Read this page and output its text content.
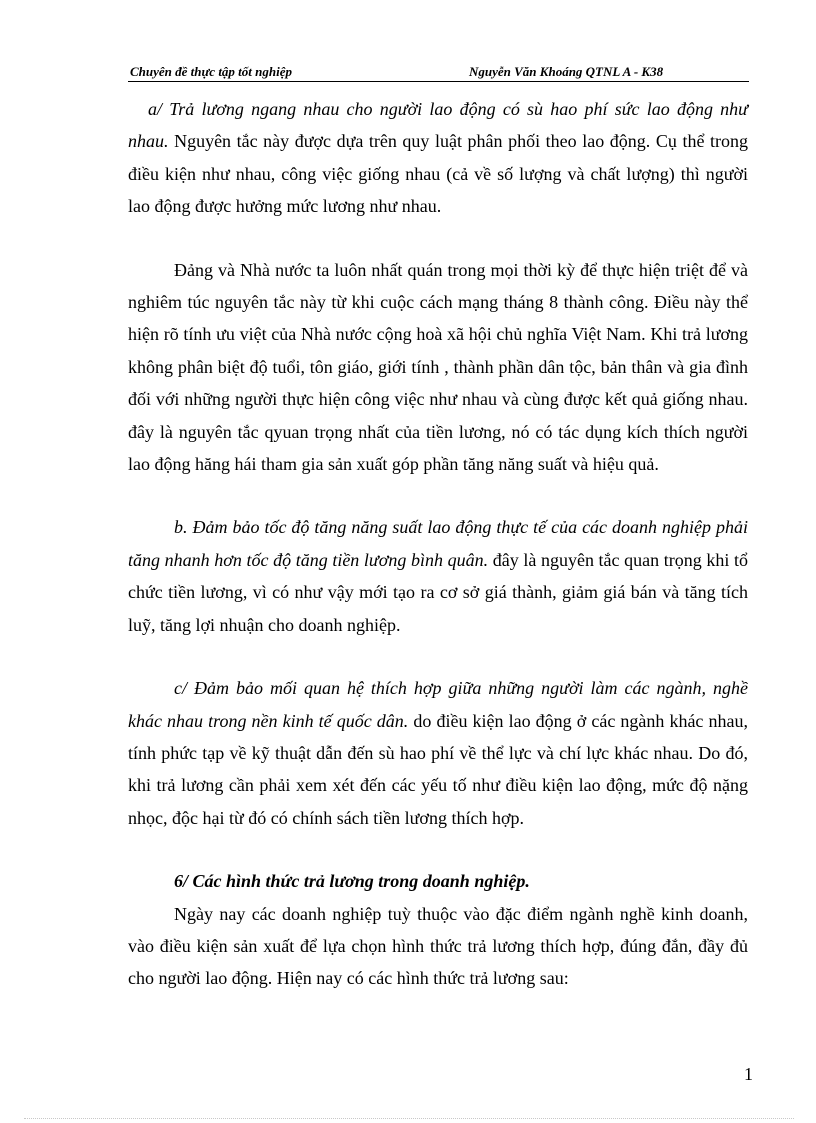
Chuyên đề thực tập tốt nghiệp	Nguyễn Văn Khoáng QTNL A - K38

a/ Trả lương ngang nhau cho người lao động có sù hao phí sức lao động như nhau. Nguyên tắc này được dựa trên quy luật phân phối theo lao động. Cụ thể trong điều kiện như nhau, công việc giống nhau (cả về số lượng và chất lượng) thì người lao động được hưởng mức lương như nhau.

Đảng và Nhà nước ta luôn nhất quán trong mọi thời kỳ để thực hiện triệt để và nghiêm túc nguyên tắc này từ khi cuộc cách mạng tháng 8 thành công. Điều này thể hiện rõ tính ưu việt của Nhà nước cộng hoà xã hội chủ nghĩa Việt Nam. Khi trả lương không phân biệt độ tuổi, tôn giáo, giới tính , thành phần dân tộc, bản thân và gia đình đối với những người thực hiện công việc như nhau và cùng được kết quả giống nhau. đây là nguyên tắc qyuan trọng nhất của tiền lương, nó có tác dụng kích thích người lao động hăng hái tham gia sản xuất góp phần tăng năng suất và hiệu quả.

b. Đảm bảo tốc độ tăng năng suất lao động thực tế của các doanh nghiệp phải tăng nhanh hơn tốc độ tăng tiền lương bình quân. đây là nguyên tắc quan trọng khi tổ chức tiền lương, vì có như vậy mới tạo ra cơ sở giá thành, giảm giá bán và tăng tích luỹ, tăng lợi nhuận cho doanh nghiệp.

c/ Đảm bảo mối quan hệ thích hợp giữa những người làm các ngành, nghề khác nhau trong nền kinh tế quốc dân. do điều kiện lao động ở các ngành khác nhau, tính phức tạp về kỹ thuật dẫn đến sù hao phí về thể lực và chí lực khác nhau. Do đó, khi trả lương cần phải xem xét đến các yếu tố như điều kiện lao động, mức độ nặng nhọc, độc hại từ đó có chính sách tiền lương thích hợp.

6/ Các hình thức trả lương trong doanh nghiệp.

Ngày nay các doanh nghiệp tuỳ thuộc vào đặc điểm ngành nghề kinh doanh, vào điều kiện sản xuất để lựa chọn hình thức trả lương thích hợp, đúng đắn, đầy đủ cho người lao động. Hiện nay có các hình thức trả lương sau:

1
